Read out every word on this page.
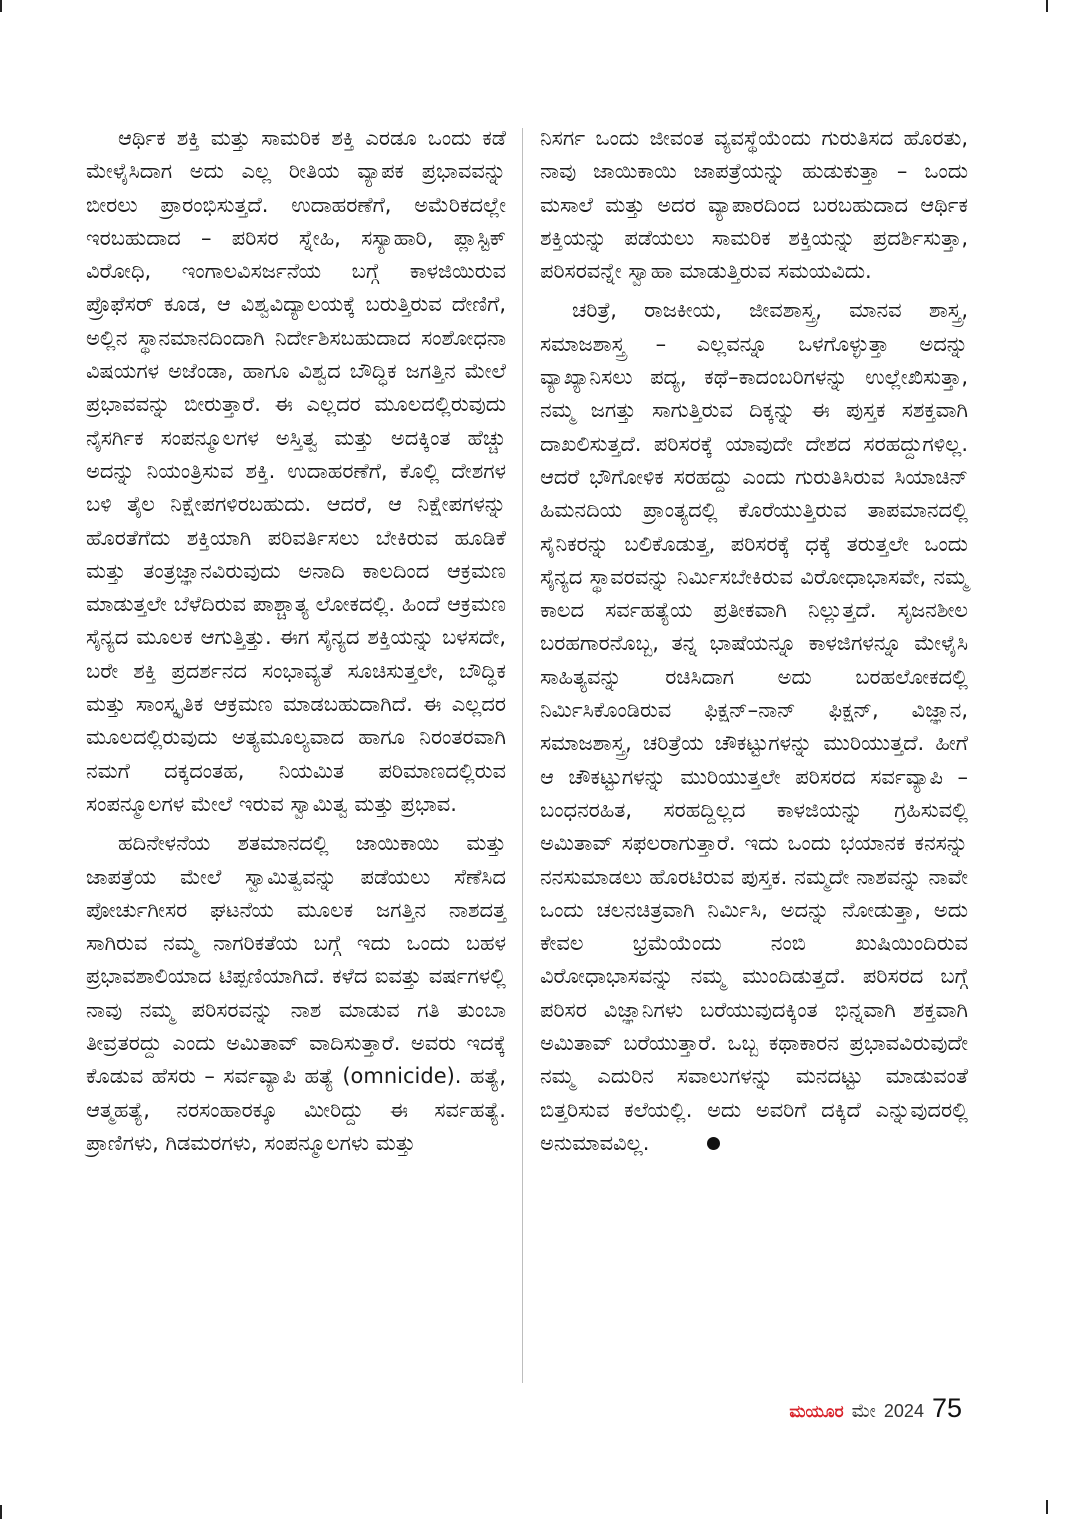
ಆರ್ಥಿಕ ಶಕ್ತಿ ಮತ್ತು ಸಾಮರಿಕ ಶಕ್ತಿ ಎರಡೂ ಒಂದು ಕಡೆ ಮೇಳೈಸಿದಾಗ ಅದು ಎಲ್ಲ ರೀತಿಯ ವ್ಯಾಪಕ ಪ್ರಭಾವವನ್ನು ಬೀರಲು ಪ್ರಾರಂಭಿಸುತ್ತದೆ. ಉದಾಹರಣೆಗೆ, ಅಮೆರಿಕದಲ್ಲೇ ಇರಬಹುದಾದ – ಪರಿಸರ ಸ್ನೇಹಿ, ಸಸ್ಯಾಹಾರಿ, ಪ್ಲಾಸ್ಟಿಕ್ ವಿರೋಧಿ, ಇಂಗಾಲವಿಸರ್ಜನೆಯ ಬಗ್ಗೆ ಕಾಳಜಿಯಿರುವ ಪ್ರೊಫೆಸರ್ ಕೂಡ, ಆ ವಿಶ್ವವಿದ್ಯಾಲಯಕ್ಕೆ ಬರುತ್ತಿರುವ ದೇಣಿಗೆ, ಅಲ್ಲಿನ ಸ್ಥಾನಮಾನದಿಂದಾಗಿ ನಿರ್ದೇಶಿಸಬಹುದಾದ ಸಂಶೋಧನಾ ವಿಷಯಗಳ ಅಜೆಂಡಾ, ಹಾಗೂ ವಿಶ್ವದ ಬೌದ್ಧಿಕ ಜಗತ್ತಿನ ಮೇಲೆ ಪ್ರಭಾವವನ್ನು ಬೀರುತ್ತಾರೆ. ಈ ಎಲ್ಲದರ ಮೂಲದಲ್ಲಿರುವುದು ನೈಸರ್ಗಿಕ ಸಂಪನ್ಮೂಲಗಳ ಅಸ್ತಿತ್ವ ಮತ್ತು ಅದಕ್ಕಿಂತ ಹೆಚ್ಚು ಅದನ್ನು ನಿಯಂತ್ರಿಸುವ ಶಕ್ತಿ. ಉದಾಹರಣೆಗೆ, ಕೊಲ್ಲಿ ದೇಶಗಳ ಬಳಿ ತೈಲ ನಿಕ್ಷೇಪಗಳಿರಬಹುದು. ಆದರೆ, ಆ ನಿಕ್ಷೇಪಗಳನ್ನು ಹೊರತೆಗೆದು ಶಕ್ತಿಯಾಗಿ ಪರಿವರ್ತಿಸಲು ಬೇಕಿರುವ ಹೂಡಿಕೆ ಮತ್ತು ತಂತ್ರಜ್ಞಾನವಿರುವುದು ಅನಾದಿ ಕಾಲದಿಂದ ಆಕ್ರಮಣ ಮಾಡುತ್ತಲೇ ಬೆಳೆದಿರುವ ಪಾಶ್ಚಾತ್ಯ ಲೋಕದಲ್ಲಿ. ಹಿಂದೆ ಆಕ್ರಮಣ ಸೈನ್ಯದ ಮೂಲಕ ಆಗುತ್ತಿತ್ತು. ಈಗ ಸೈನ್ಯದ ಶಕ್ತಿಯನ್ನು ಬಳಸದೇ, ಬರೇ ಶಕ್ತಿ ಪ್ರದರ್ಶನದ ಸಂಭಾವ್ಯತೆ ಸೂಚಿಸುತ್ತಲೇ, ಬೌದ್ಧಿಕ ಮತ್ತು ಸಾಂಸ್ಕೃತಿಕ ಆಕ್ರಮಣ ಮಾಡಬಹುದಾಗಿದೆ. ಈ ಎಲ್ಲದರ ಮೂಲದಲ್ಲಿರುವುದು ಅತ್ಯಮೂಲ್ಯವಾದ ಹಾಗೂ ನಿರಂತರವಾಗಿ ನಮಗೆ ದಕ್ಕದಂತಹ, ನಿಯಮಿತ ಪರಿಮಾಣದಲ್ಲಿರುವ ಸಂಪನ್ಮೂಲಗಳ ಮೇಲೆ ಇರುವ ಸ್ವಾಮಿತ್ವ ಮತ್ತು ಪ್ರಭಾವ.

ಹದಿನೇಳನೆಯ ಶತಮಾನದಲ್ಲಿ ಜಾಯಿಕಾಯಿ ಮತ್ತು ಜಾಪತ್ರೆಯ ಮೇಲೆ ಸ್ವಾಮಿತ್ವವನ್ನು ಪಡೆಯಲು ಸೆಣೆಸಿದ ಪೋರ್ಚುಗೀಸರ ಘಟನೆಯ ಮೂಲಕ ಜಗತ್ತಿನ ನಾಶದತ್ತ ಸಾಗಿರುವ ನಮ್ಮ ನಾಗರಿಕತೆಯ ಬಗ್ಗೆ ಇದು ಒಂದು ಬಹಳ ಪ್ರಭಾವಶಾಲಿಯಾದ ಟಿಪ್ಪಣಿಯಾಗಿದೆ. ಕಳೆದ ಐವತ್ತು ವರ್ಷಗಳಲ್ಲಿ ನಾವು ನಮ್ಮ ಪರಿಸರವನ್ನು ನಾಶ ಮಾಡುವ ಗತಿ ತುಂಬಾ ತೀವ್ರತರದ್ದು ಎಂದು ಅಮಿತಾವ್ ವಾದಿಸುತ್ತಾರೆ. ಅವರು ಇದಕ್ಕೆ ಕೊಡುವ ಹೆಸರು – ಸರ್ವವ್ಯಾಪಿ ಹತ್ಯೆ (omnicide). ಹತ್ಯೆ, ಆತ್ಮಹತ್ಯೆ, ನರಸಂಹಾರಕ್ಕೂ ಮೀರಿದ್ದು ಈ ಸರ್ವಹತ್ಯೆ. ಪ್ರಾಣಿಗಳು, ಗಿಡಮರಗಳು, ಸಂಪನ್ಮೂಲಗಳು ಮತ್ತು

ನಿಸರ್ಗ ಒಂದು ಜೀವಂತ ವ್ಯವಸ್ಥೆಯೆಂದು ಗುರುತಿಸದ ಹೊರತು, ನಾವು ಜಾಯಿಕಾಯಿ ಜಾಪತ್ರೆಯನ್ನು ಹುಡುಕುತ್ತಾ – ಒಂದು ಮಸಾಲೆ ಮತ್ತು ಅದರ ವ್ಯಾಪಾರದಿಂದ ಬರಬಹುದಾದ ಆರ್ಥಿಕ ಶಕ್ತಿಯನ್ನು ಪಡೆಯಲು ಸಾಮರಿಕ ಶಕ್ತಿಯನ್ನು ಪ್ರದರ್ಶಿಸುತ್ತಾ, ಪರಿಸರವನ್ನೇ ಸ್ವಾಹಾ ಮಾಡುತ್ತಿರುವ ಸಮಯವಿದು.

ಚರಿತ್ರೆ, ರಾಜಕೀಯ, ಜೀವಶಾಸ್ತ್ರ, ಮಾನವ ಶಾಸ್ತ್ರ, ಸಮಾಜಶಾಸ್ತ್ರ – ಎಲ್ಲವನ್ನೂ ಒಳಗೊಳ್ಳುತ್ತಾ ಅದನ್ನು ವ್ಯಾಖ್ಯಾನಿಸಲು ಪದ್ಯ, ಕಥೆ–ಕಾದಂಬರಿಗಳನ್ನು ಉಲ್ಲೇಖಿಸುತ್ತಾ, ನಮ್ಮ ಜಗತ್ತು ಸಾಗುತ್ತಿರುವ ದಿಕ್ಕನ್ನು ಈ ಪುಸ್ತಕ ಸಶಕ್ತವಾಗಿ ದಾಖಲಿಸುತ್ತದೆ. ಪರಿಸರಕ್ಕೆ ಯಾವುದೇ ದೇಶದ ಸರಹದ್ದುಗಳಿಲ್ಲ. ಆದರೆ ಭೌಗೋಳಿಕ ಸರಹದ್ದು ಎಂದು ಗುರುತಿಸಿರುವ ಸಿಯಾಚಿನ್ ಹಿಮನದಿಯ ಪ್ರಾಂತ್ಯದಲ್ಲಿ ಕೊರೆಯುತ್ತಿರುವ ತಾಪಮಾನದಲ್ಲಿ ಸೈನಿಕರನ್ನು ಬಲಿಕೊಡುತ್ತ, ಪರಿಸರಕ್ಕೆ ಧಕ್ಕೆ ತರುತ್ತಲೇ ಒಂದು ಸೈನ್ಯದ ಸ್ಥಾವರವನ್ನು ನಿರ್ಮಿಸಬೇಕಿರುವ ವಿರೋಧಾಭಾಸವೇ, ನಮ್ಮ ಕಾಲದ ಸರ್ವಹತ್ಯೆಯ ಪ್ರತೀಕವಾಗಿ ನಿಲ್ಲುತ್ತದೆ. ಸೃಜನಶೀಲ ಬರಹಗಾರನೊಬ್ಬ, ತನ್ನ ಭಾಷೆಯನ್ನೂ ಕಾಳಜಿಗಳನ್ನೂ ಮೇಳೈಸಿ ಸಾಹಿತ್ಯವನ್ನು ರಚಿಸಿದಾಗ ಅದು ಬರಹಲೋಕದಲ್ಲಿ ನಿರ್ಮಿಸಿಕೊಂಡಿರುವ ಫಿಕ್ಷನ್–ನಾನ್ ಫಿಕ್ಷನ್, ವಿಜ್ಞಾನ, ಸಮಾಜಶಾಸ್ತ್ರ, ಚರಿತ್ರೆಯ ಚೌಕಟ್ಟುಗಳನ್ನು ಮುರಿಯುತ್ತದೆ. ಹೀಗೆ ಆ ಚೌಕಟ್ಟುಗಳನ್ನು ಮುರಿಯುತ್ತಲೇ ಪರಿಸರದ ಸರ್ವವ್ಯಾಪಿ – ಬಂಧನರಹಿತ, ಸರಹದ್ದಿಲ್ಲದ ಕಾಳಜಿಯನ್ನು ಗ್ರಹಿಸುವಲ್ಲಿ ಅಮಿತಾವ್ ಸಫಲರಾಗುತ್ತಾರೆ. ಇದು ಒಂದು ಭಯಾನಕ ಕನಸನ್ನು ನನಸುಮಾಡಲು ಹೊರಟಿರುವ ಪುಸ್ತಕ. ನಮ್ಮದೇ ನಾಶವನ್ನು ನಾವೇ ಒಂದು ಚಲನಚಿತ್ರವಾಗಿ ನಿರ್ಮಿಸಿ, ಅದನ್ನು ನೋಡುತ್ತಾ, ಅದು ಕೇವಲ ಭ್ರಮೆಯೆಂದು ನಂಬಿ ಖುಷಿಯಿಂದಿರುವ ವಿರೋಧಾಭಾಸವನ್ನು ನಮ್ಮ ಮುಂದಿಡುತ್ತದೆ. ಪರಿಸರದ ಬಗ್ಗೆ ಪರಿಸರ ವಿಜ್ಞಾನಿಗಳು ಬರೆಯುವುದಕ್ಕಿಂತ ಭಿನ್ನವಾಗಿ ಶಕ್ತವಾಗಿ ಅಮಿತಾವ್ ಬರೆಯುತ್ತಾರೆ. ಒಬ್ಬ ಕಥಾಕಾರನ ಪ್ರಭಾವವಿರುವುದೇ ನಮ್ಮ ಎದುರಿನ ಸವಾಲುಗಳನ್ನು ಮನದಟ್ಟು ಮಾಡುವಂತೆ ಬಿತ್ತರಿಸುವ ಕಲೆಯಲ್ಲಿ. ಅದು ಅವರಿಗೆ ದಕ್ಕಿದೆ ಎನ್ನುವುದರಲ್ಲಿ ಅನುಮಾವವಿಲ್ಲ.

ಮಯೂರ ಮೇ 2024 75
